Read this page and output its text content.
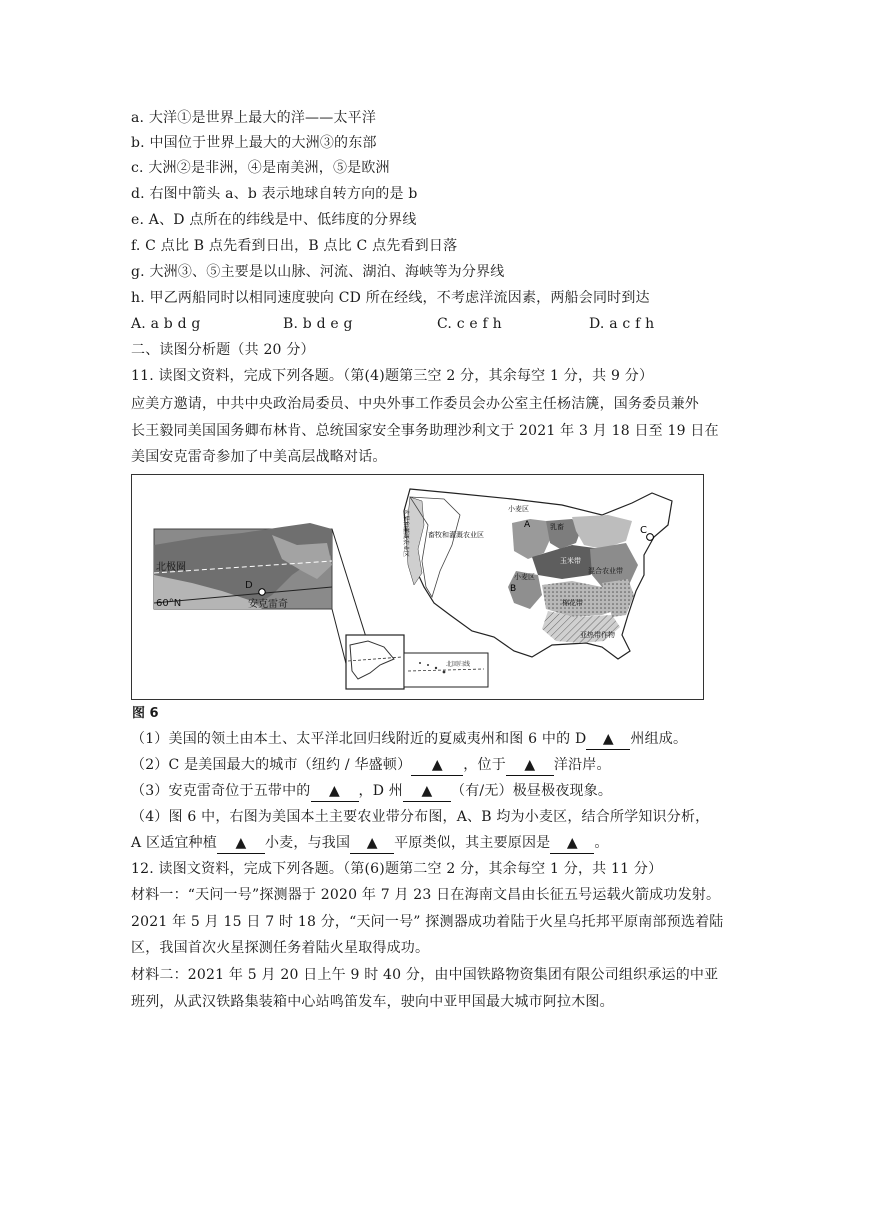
a. 大洋①是世界上最大的洋——太平洋
b. 中国位于世界上最大的大洲③的东部
c. 大洲②是非洲，④是南美洲，⑤是欧洲
d. 右图中箭头 a、b 表示地球自转方向的是 b
e. A、D 点所在的纬线是中、低纬度的分界线
f. C 点比 B 点先看到日出，B 点比 C 点先看到日落
g. 大洲③、⑤主要是以山脉、河流、湖泊、海峡等为分界线
h. 甲乙两船同时以相同速度驶向 CD 所在经线，不考虑洋流因素，两船会同时到达
A. a b d g	B. b d e g	C. c e f h	D. a c f h
二、读图分析题（共 20 分）
11. 读图文资料，完成下列各题。（第(4)题第三空 2 分，其余每空 1 分，共 9 分）
应美方邀请，中共中央政治局委员、中央外事工作委员会办公室主任杨洁篪，国务委员兼外
长王毅同美国国务卿布林肯、总统国家安全事务助理沙利文于 2021 年 3 月 18 日至 19 日在
美国安克雷奇参加了中美高层战略对话。
北极圈
D
60°N	安克雷奇
北回归线
C
A
B
畜牧和灌溉农业区
小麦区
乳畜
玉米带
混合农业带
小麦区
棉花带
亚热带作物
水果和灌溉农业区
图 6
（1）美国的领土由本土、太平洋北回归线附近的夏威夷州和图 6 中的 D ▲ 州组成。
（2）C 是美国最大的城市（纽约 / 华盛顿） ▲ ，位于 ▲ 洋沿岸。
（3）安克雷奇位于五带中的 ▲ ，D 州 ▲ （有/无）极昼极夜现象。
（4）图 6 中，右图为美国本土主要农业带分布图，A、B 均为小麦区，结合所学知识分析，
A 区适宜种植 ▲ 小麦，与我国 ▲ 平原类似，其主要原因是 ▲ 。
12. 读图文资料，完成下列各题。（第(6)题第二空 2 分，其余每空 1 分，共 11 分）
材料一：“天问一号”探测器于 2020 年 7 月 23 日在海南文昌由长征五号运载火箭成功发射。
2021 年 5 月 15 日 7 时 18 分，“天问一号” 探测器成功着陆于火星乌托邦平原南部预选着陆
区，我国首次火星探测任务着陆火星取得成功。
材料二：2021 年 5 月 20 日上午 9 时 40 分，由中国铁路物资集团有限公司组织承运的中亚
班列，从武汉铁路集装箱中心站鸣笛发车，驶向中亚甲国最大城市阿拉木图。
